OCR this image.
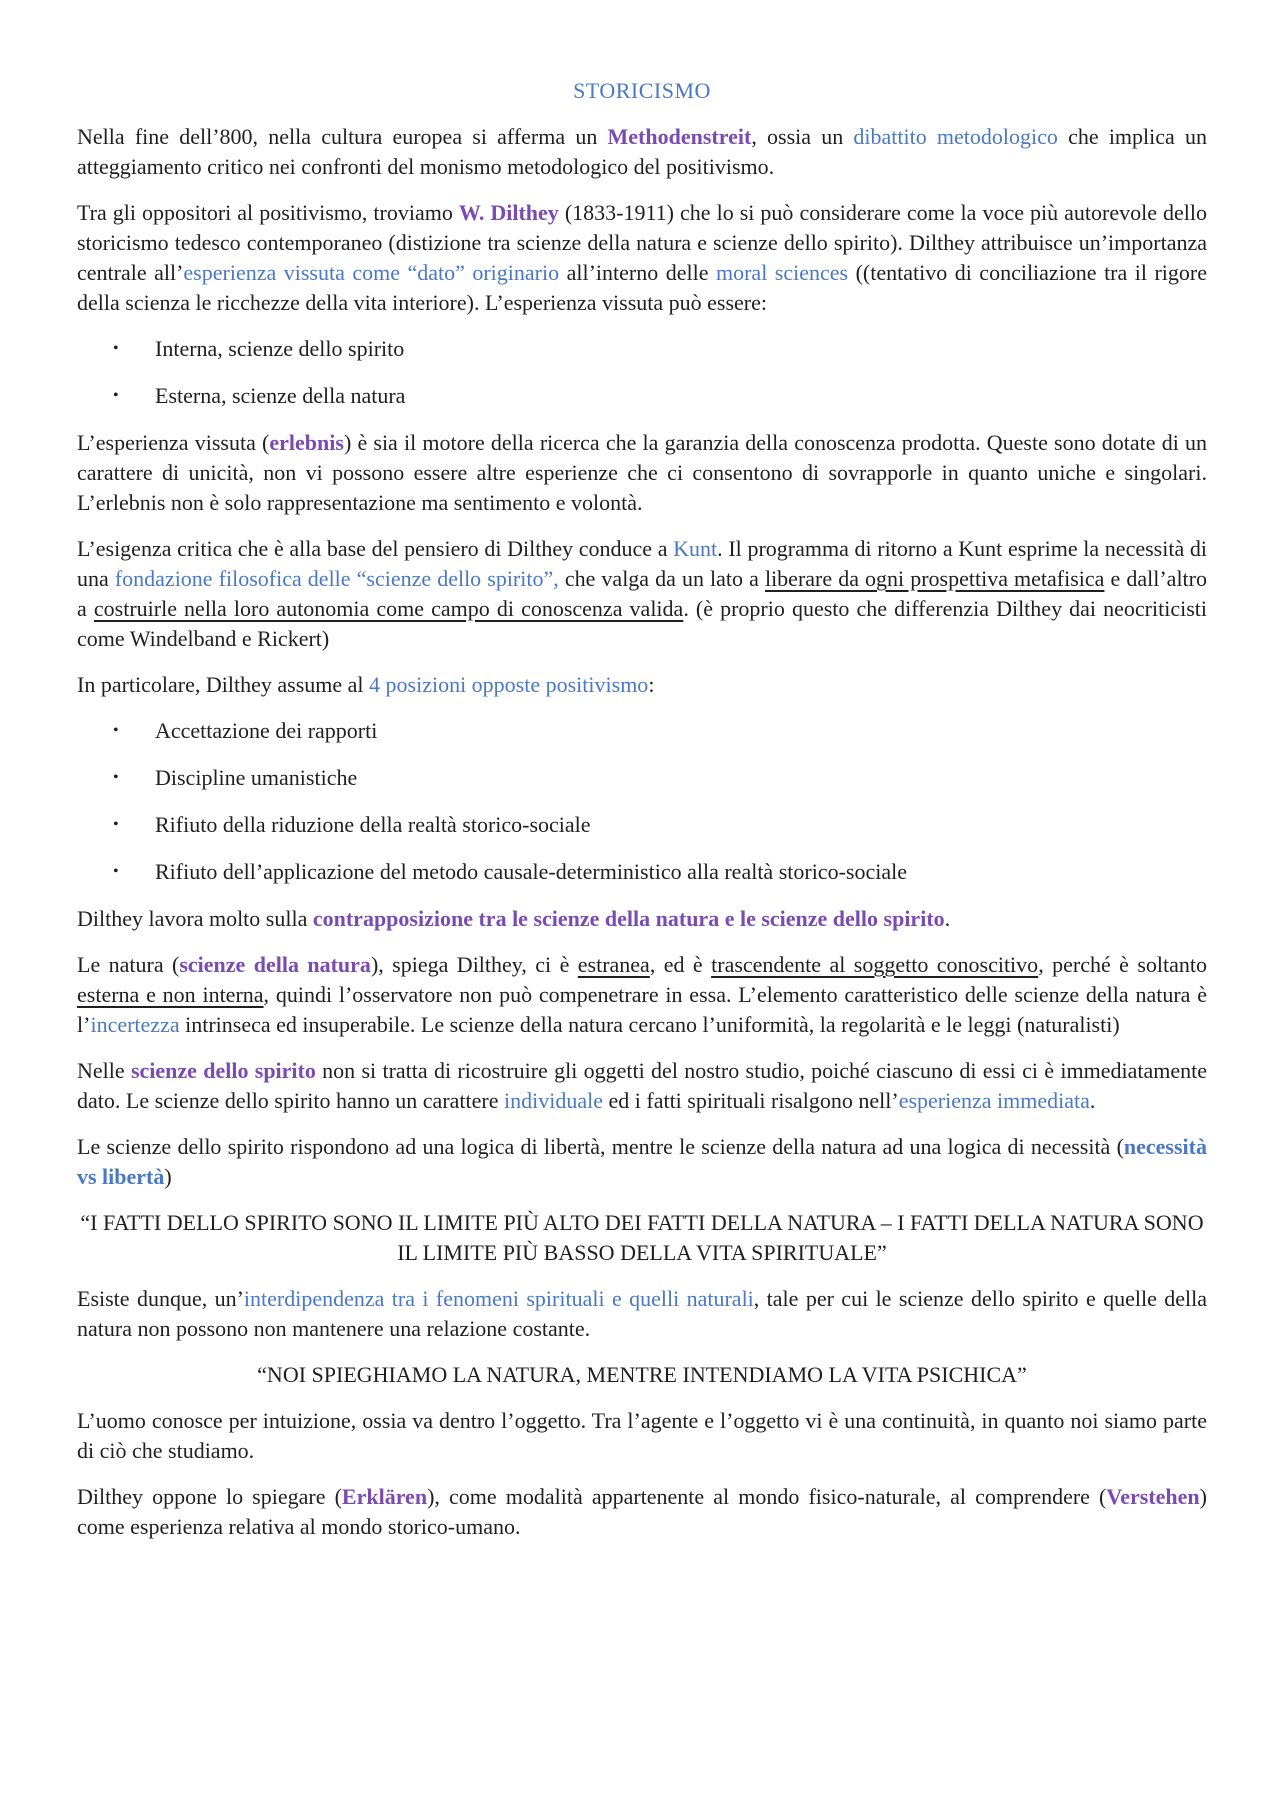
STORICISMO

Nella fine dell’800, nella cultura europea si afferma un Methodenstreit, ossia un dibattito metodologico che implica un atteggiamento critico nei confronti del monismo metodologico del positivismo.

Tra gli oppositori al positivismo, troviamo W. Dilthey (1833-1911) che lo si può considerare come la voce più autorevole dello storicismo tedesco contemporaneo (distizione tra scienze della natura e scienze dello spirito). Dilthey attribuisce un’importanza centrale all’esperienza vissuta come “dato” originario all’interno delle moral sciences ((tentativo di conciliazione tra il rigore della scienza le ricchezze della vita interiore). L’esperienza vissuta può essere:

• Interna, scienze dello spirito
• Esterna, scienze della natura

L’esperienza vissuta (erlebnis) è sia il motore della ricerca che la garanzia della conoscenza prodotta. Queste sono dotate di un carattere di unicità, non vi possono essere altre esperienze che ci consentono di sovrapporle in quanto uniche e singolari. L’erlebnis non è solo rappresentazione ma sentimento e volontà.

L’esigenza critica che è alla base del pensiero di Dilthey conduce a Kunt. Il programma di ritorno a Kunt esprime la necessità di una fondazione filosofica delle “scienze dello spirito”, che valga da un lato a liberare da ogni prospettiva metafisica e dall’altro a costruirle nella loro autonomia come campo di conoscenza valida. (è proprio questo che differenzia Dilthey dai neocriticisti come Windelband e Rickert)

In particolare, Dilthey assume al 4 posizioni opposte positivismo:

• Accettazione dei rapporti
• Discipline umanistiche
• Rifiuto della riduzione della realtà storico-sociale
• Rifiuto dell’applicazione del metodo causale-deterministico alla realtà storico-sociale

Dilthey lavora molto sulla contrapposizione tra le scienze della natura e le scienze dello spirito.

Le natura (scienze della natura), spiega Dilthey, ci è estranea, ed è trascendente al soggetto conoscitivo, perché è soltanto esterna e non interna, quindi l’osservatore non può compenetrare in essa. L’elemento caratteristico delle scienze della natura è l’incertezza intrinseca ed insuperabile. Le scienze della natura cercano l’uniformità, la regolarità e le leggi (naturalisti)

Nelle scienze dello spirito non si tratta di ricostruire gli oggetti del nostro studio, poiché ciascuno di essi ci è immediatamente dato. Le scienze dello spirito hanno un carattere individuale ed i fatti spirituali risalgono nell’esperienza immediata.

Le scienze dello spirito rispondono ad una logica di libertà, mentre le scienze della natura ad una logica di necessità (necessità vs libertà)

“I FATTI DELLO SPIRITO SONO IL LIMITE PIÙ ALTO DEI FATTI DELLA NATURA – I FATTI DELLA NATURA SONO IL LIMITE PIÙ BASSO DELLA VITA SPIRITUALE”

Esiste dunque, un’interdipendenza tra i fenomeni spirituali e quelli naturali, tale per cui le scienze dello spirito e quelle della natura non possono non mantenere una relazione costante.

“NOI SPIEGHIAMO LA NATURA, MENTRE INTENDIAMO LA VITA PSICHICA”

L’uomo conosce per intuizione, ossia va dentro l’oggetto. Tra l’agente e l’oggetto vi è una continuità, in quanto noi siamo parte di ciò che studiamo.

Dilthey oppone lo spiegare (Erklären), come modalità appartenente al mondo fisico-naturale, al comprendere (Verstehen) come esperienza relativa al mondo storico-umano.
